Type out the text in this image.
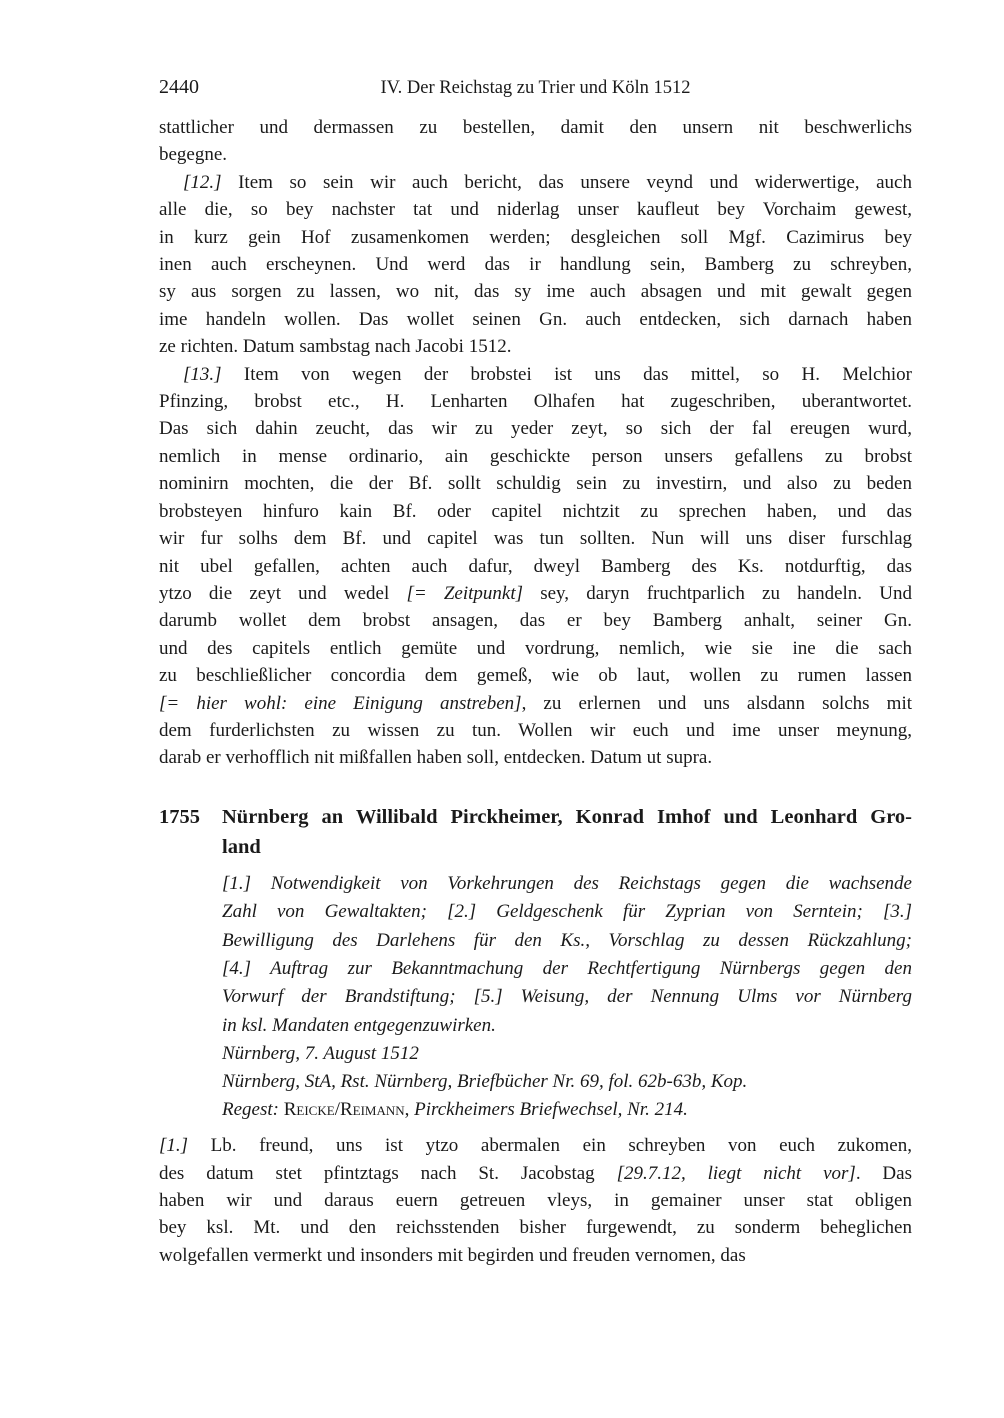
2440	IV. Der Reichstag zu Trier und Köln 1512
stattlicher und dermassen zu bestellen, damit den unsern nit beschwerlichs
begegne.
[12.] Item so sein wir auch bericht, das unsere veynd und widerwertige, auch
alle die, so bey nachster tat und niderlag unser kaufleut bey Vorchaim gewest,
in kurz gein Hof zusamenkomen werden; desgleichen soll Mgf. Cazimirus bey
inen auch erscheynen. Und werd das ir handlung sein, Bamberg zu schreyben,
sy aus sorgen zu lassen, wo nit, das sy ime auch absagen und mit gewalt gegen
ime handeln wollen. Das wollet seinen Gn. auch entdecken, sich darnach haben
ze richten. Datum sambstag nach Jacobi 1512.
[13.] Item von wegen der brobstei ist uns das mittel, so H. Melchior
Pfinzing, brobst etc., H. Lenharten Olhafen hat zugeschriben, uberantwortet.
Das sich dahin zeucht, das wir zu yeder zeyt, so sich der fal ereugen wurd,
nemlich in mense ordinario, ain geschickte person unsers gefallens zu brobst
nominirn mochten, die der Bf. sollt schuldig sein zu investirn, und also zu beden
brobsteyen hinfuro kain Bf. oder capitel nichtzit zu sprechen haben, und das
wir fur solhs dem Bf. und capitel was tun sollten. Nun will uns diser furschlag
nit ubel gefallen, achten auch dafur, dweyl Bamberg des Ks. notdurftig, das
ytzo die zeyt und wedel [= Zeitpunkt] sey, daryn fruchtparlich zu handeln. Und
darumb wollet dem brobst ansagen, das er bey Bamberg anhalt, seiner Gn.
und des capitels entlich gemüte und vordrung, nemlich, wie sie ine die sach
zu beschließlicher concordia dem gemeß, wie ob laut, wollen zu rumen lassen
[= hier wohl: eine Einigung anstreben], zu erlernen und uns alsdann solchs mit
dem furderlichsten zu wissen zu tun. Wollen wir euch und ime unser meynung,
darab er verhofflich nit mißfallen haben soll, entdecken. Datum ut supra.
1755 Nürnberg an Willibald Pirckheimer, Konrad Imhof und Leonhard Gro-
land
[1.] Notwendigkeit von Vorkehrungen des Reichstags gegen die wachsende
Zahl von Gewaltakten; [2.] Geldgeschenk für Zyprian von Serntein; [3.]
Bewilligung des Darlehens für den Ks., Vorschlag zu dessen Rückzahlung;
[4.] Auftrag zur Bekanntmachung der Rechtfertigung Nürnbergs gegen den
Vorwurf der Brandstiftung; [5.] Weisung, der Nennung Ulms vor Nürnberg
in ksl. Mandaten entgegenzuwirken.
Nürnberg, 7. August 1512
Nürnberg, StA, Rst. Nürnberg, Briefbücher Nr. 69, fol. 62b-63b, Kop.
Regest: Reicke/Reimann, Pirckheimers Briefwechsel, Nr. 214.
[1.] Lb. freund, uns ist ytzo abermalen ein schreyben von euch zukomen,
des datum stet pfintztags nach St. Jacobstag [29.7.12, liegt nicht vor]. Das
haben wir und daraus euern getreuen vleys, in gemainer unser stat obligen
bey ksl. Mt. und den reichsstenden bisher furgewendt, zu sonderm beheglichen
wolgefallen vermerkt und insonders mit begirden und freuden vernomen, das
